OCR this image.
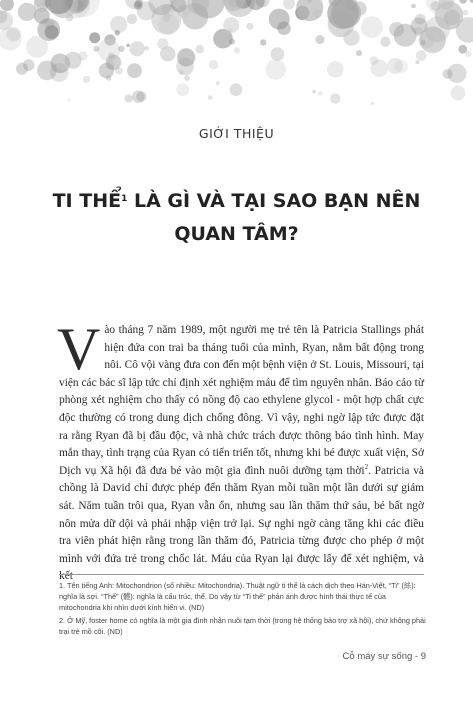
GIỚI THIỆU
TI THỂ$^1$ LÀ GÌ VÀ TẠI SAO BẠN NÊN
QUAN TÂM?
Vào tháng 7 năm 1989, một người mẹ trẻ tên là Patricia Stallings phát hiện đứa con trai ba tháng tuổi của mình, Ryan, nằm bất động trong nôi. Cô vội vàng đưa con đến một bệnh viện ở St. Louis, Missouri, tại viện các bác sĩ lập tức chỉ định xét nghiệm máu để tìm nguyên nhân. Báo cáo từ phòng xét nghiệm cho thấy có nồng độ cao ethylene glycol - một hợp chất cực độc thường có trong dung dịch chống đông. Vì vậy, nghi ngờ lập tức được đặt ra rằng Ryan đã bị đầu độc, và nhà chức trách được thông báo tình hình. May mắn thay, tình trạng của Ryan có tiến triển tốt, nhưng khi bé được xuất viện, Sở Dịch vụ Xã hội đã đưa bé vào một gia đình nuôi dưỡng tạm thời$^2$. Patricia và chồng là David chỉ được phép đến thăm Ryan mỗi tuần một lần dưới sự giám sát. Năm tuần trôi qua, Ryan vẫn ổn, nhưng sau lần thăm thứ sáu, bé bất ngờ nôn mửa dữ dội và phải nhập viện trở lại. Sự nghi ngờ càng tăng khi các điều tra viên phát hiện rằng trong lần thăm đó, Patricia từng được cho phép ở một mình với đứa trẻ trong chốc lát. Máu của Ryan lại được lấy để xét nghiệm, và kết

1. Tên tiếng Anh: Mitochondrion (số nhiều: Mitochondria). Thuật ngữ ti thể là cách dịch theo Hán-Việt, “Ti” (絲): nghĩa là sợi. “Thể” (體): nghĩa là cấu trúc, thể. Do vậy từ “Ti thể” phản ánh được hình thái thực tế của mitochondria khi nhìn dưới kính hiển vi. (ND)

2. Ở Mỹ, foster home có nghĩa là một gia đình nhận nuôi tạm thời (trong hệ thống bảo trợ xã hội), chứ không phải trại trẻ mồ côi. (ND)

Cỗ máy sự sống - 9
